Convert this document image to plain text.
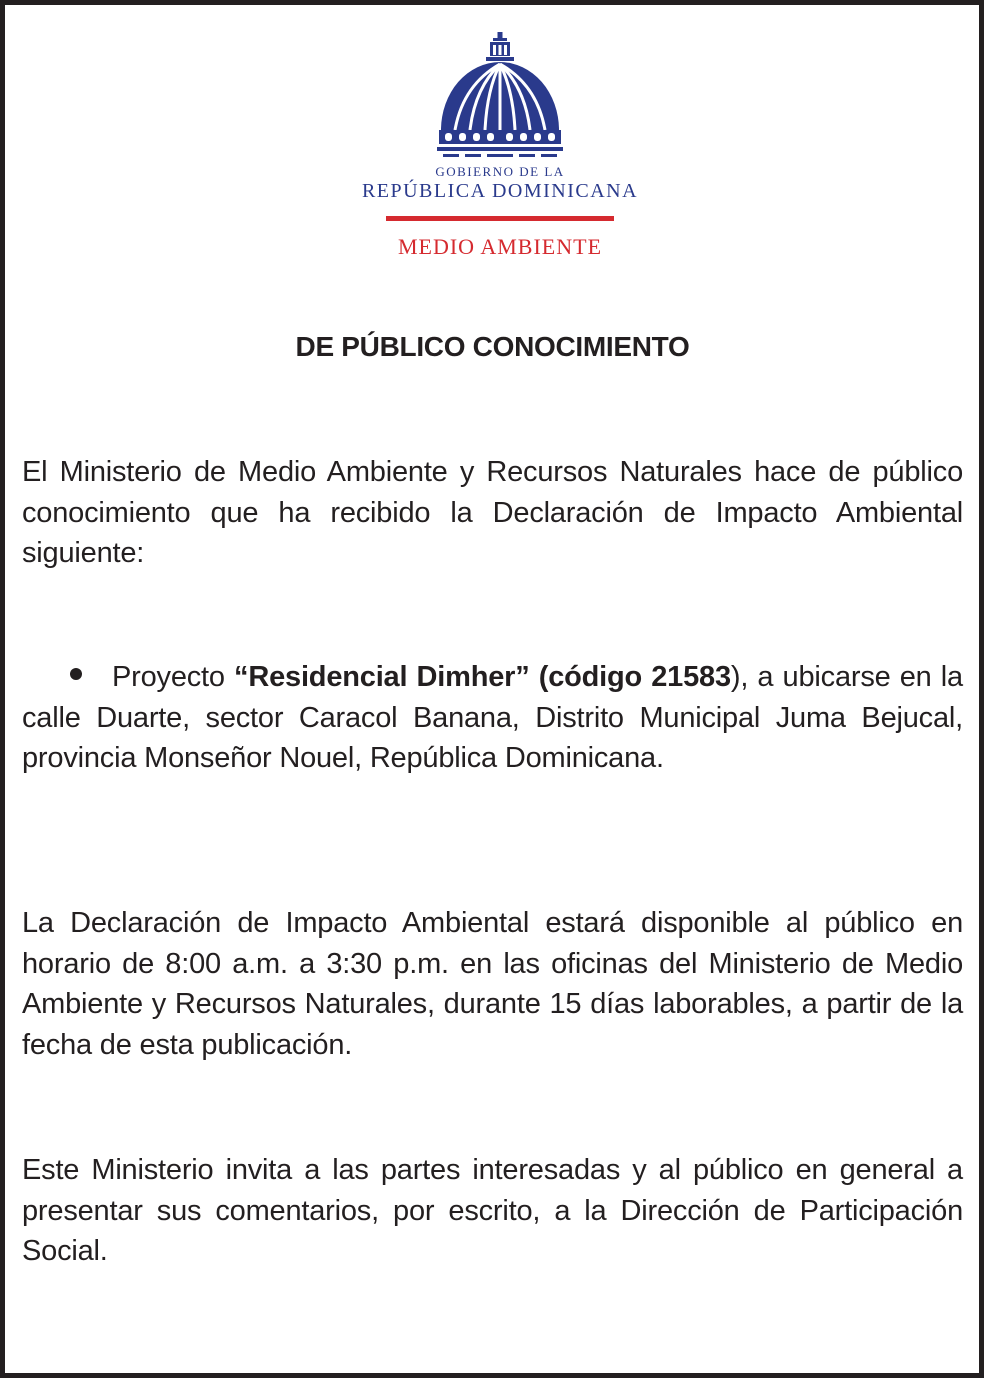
GOBIERNO DE LA
REPÚBLICA DOMINICANA
MEDIO AMBIENTE
DE PÚBLICO CONOCIMIENTO

El Ministerio de Medio Ambiente y Recursos Naturales hace de público conocimiento que ha recibido la Declaración de Impacto Ambiental siguiente:

Proyecto “Residencial Dimher” (código 21583), a ubicarse en la calle Duarte, sector Caracol Banana, Distrito Municipal Juma Bejucal, provincia Monseñor Nouel, República Dominicana.

La Declaración de Impacto Ambiental estará disponible al público en horario de 8:00 a.m. a 3:30 p.m. en las oficinas del Ministerio de Medio Ambiente y Recursos Naturales, durante 15 días laborables, a partir de la fecha de esta publicación.

Este Ministerio invita a las partes interesadas y al público en general a presentar sus comentarios, por escrito, a la Dirección de Participación Social.
